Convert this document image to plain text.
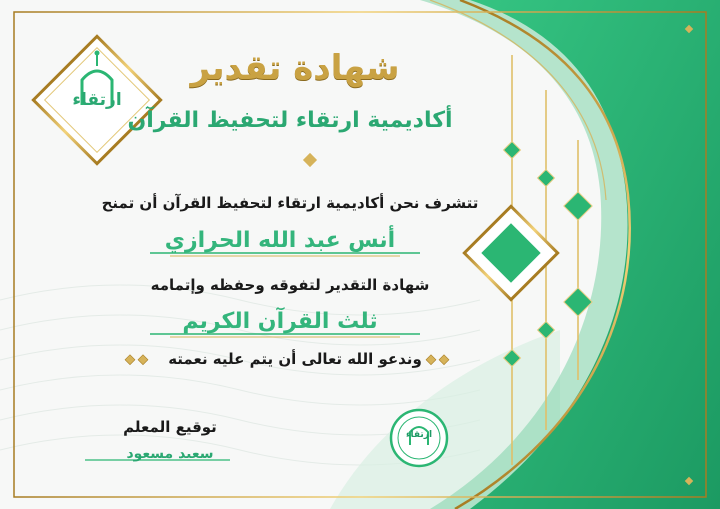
شهادة تقدير
أكاديمية ارتقاء لتحفيظ القرآن
تتشرف نحن أكاديمية ارتقاء لتحفيظ القرآن أن تمنح
أنس عبد الله الحرازي
شهادة التقدير لتفوقه وحفظه وإتمامه
ثلث القرآن الكريم
وندعو الله تعالى أن يتم عليه نعمته
توقيع المعلم
سعيد مسعود
ارتقاء
ارتقاء
